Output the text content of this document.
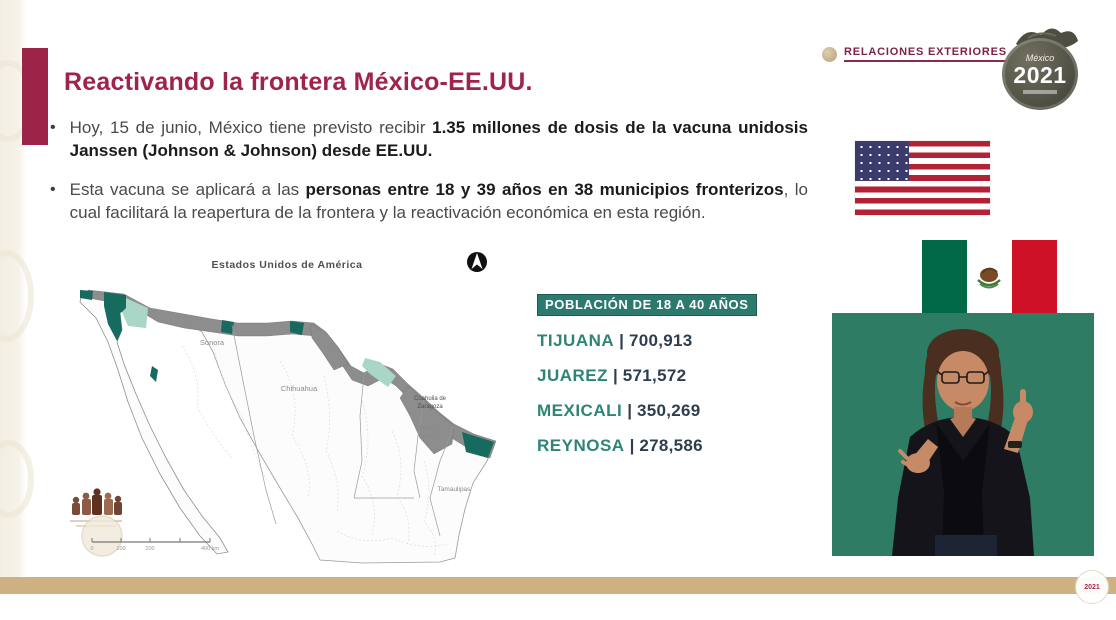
Reactivando la frontera México-EE.UU.
• Hoy, 15 de junio, México tiene previsto recibir 1.35 millones de dosis de la vacuna unidosis Janssen (Johnson & Johnson) desde EE.UU.
• Esta vacuna se aplicará a las personas entre 18 y 39 años en 38 municipios fronterizos, lo cual facilitará la reapertura de la frontera y la reactivación económica en esta región.
Estados Unidos de América
Sonora
Chihuahua
Coahuila de
Zaragoza
Nuevo
León
Tamaulipas
0	100	200	400 km
POBLACIÓN DE 18 A 40 AÑOS
TIJUANA | 700,913
JUAREZ | 571,572
MEXICALI | 350,269
REYNOSA | 278,586
RELACIONES EXTERIORES México
2021
2021
